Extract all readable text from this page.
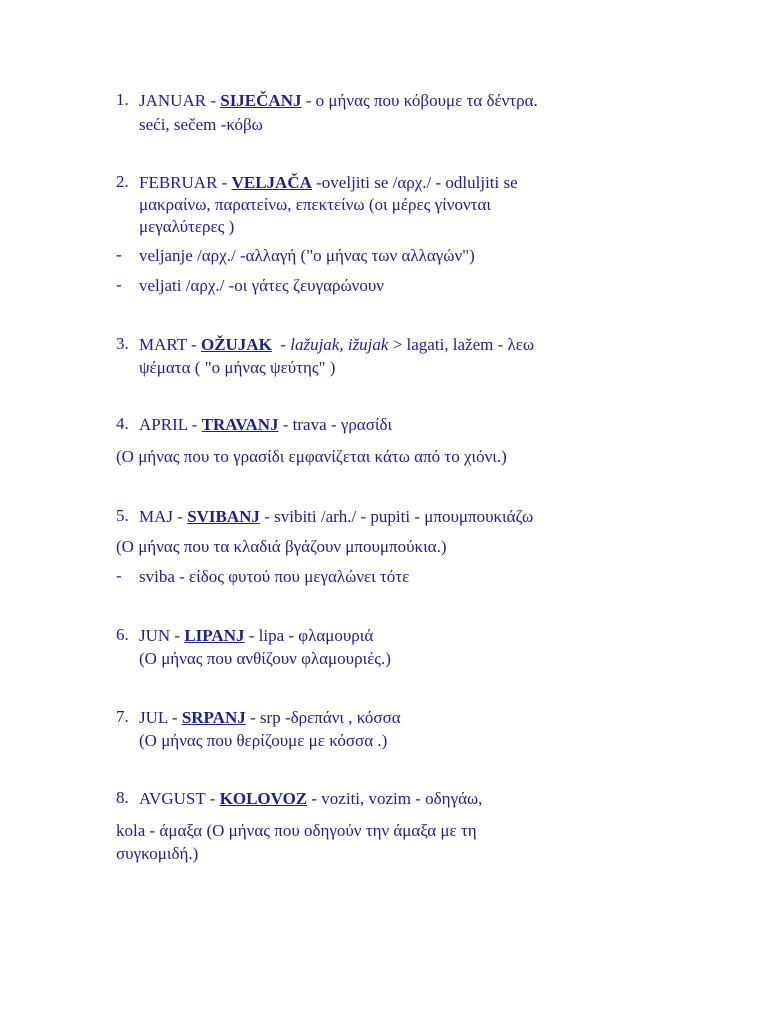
1. JANUAR - SIJEČANJ - ο μήνας που κόβουμε τα δέντρα.
seći, sečem -κόβω
2. FEBRUAR - VELJAČA -oveljiti se /αρχ./ - odluljiti se
μακραίνω, παρατείνω, επεκτείνω (οι μέρες γίνονται
μεγαλύτερες )
- veljanje /αρχ./ -αλλαγή ("ο μήνας των αλλαγών")
- veljati /αρχ./ -οι γάτες ζευγαρώνουν
3. MART - OŽUJAK  - lažujak, ižujak > lagati, lažem - λεω
ψέματα ( "ο μήνας ψεύτης" )
4. APRIL - TRAVANJ - trava - γρασίδι
(Ο μήνας που το γρασίδι εμφανίζεται κάτω από το χιόνι.)
5. MAJ - SVIBANJ - svibiti /arh./ - pupiti - μπουμπουκιάζω
(Ο μήνας που τα κλαδιά βγάζουν μπουμπούκια.)
- sviba - είδος φυτού που μεγαλώνει τότε
6. JUN - LIPANJ - lipa - φλαμουριά
(Ο μήνας που ανθίζουν φλαμουριές.)
7. JUL - SRPANJ - srp -δρεπάνι , κόσσα
(Ο μήνας που θερίζουμε με κόσσα .)
8. AVGUST - KOLOVOZ - voziti, vozim - οδηγάω,
kola - άμαξα (Ο μήνας που οδηγούν την άμαξα με τη
συγκομιδή.)
